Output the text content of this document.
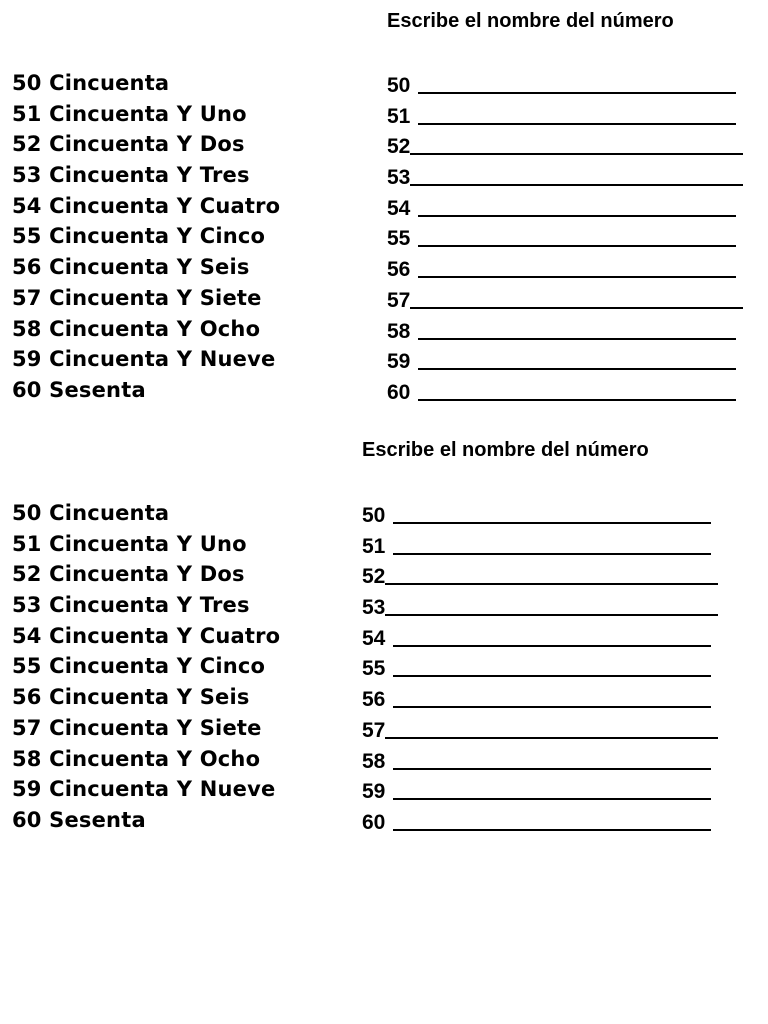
Escribe el nombre del número
50 Cincuenta
51 Cincuenta Y Uno
52 Cincuenta Y Dos
53 Cincuenta Y Tres
54 Cincuenta Y Cuatro
55 Cincuenta Y Cinco
56 Cincuenta Y Seis
57 Cincuenta Y Siete
58 Cincuenta Y Ocho
59 Cincuenta Y Nueve
60 Sesenta
50
51
52
53
54
55
56
57
58
59
60
Escribe el nombre del número
50 Cincuenta
51 Cincuenta Y Uno
52 Cincuenta Y Dos
53 Cincuenta Y Tres
54 Cincuenta Y Cuatro
55 Cincuenta Y Cinco
56 Cincuenta Y Seis
57 Cincuenta Y Siete
58 Cincuenta Y Ocho
59 Cincuenta Y Nueve
60 Sesenta
50
51
52
53
54
55
56
57
58
59
60
